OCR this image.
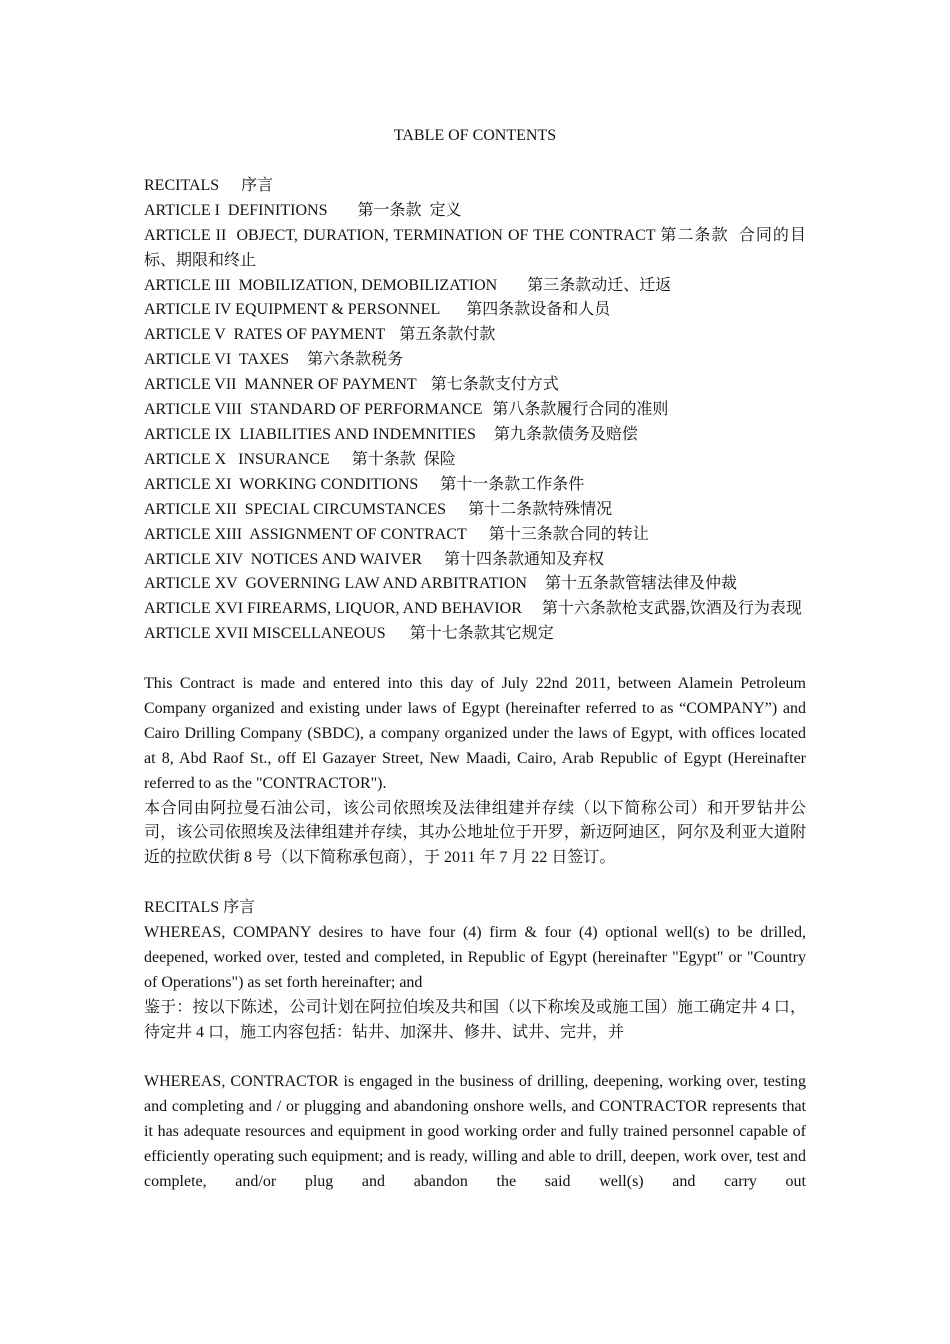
TABLE OF CONTENTS
RECITALS 序言
ARTICLE I  DEFINITIONS 第一条款  定义
ARTICLE II  OBJECT, DURATION, TERMINATION OF THE CONTRACT 第二条款  合同的目标、期限和终止
ARTICLE III  MOBILIZATION, DEMOBILIZATION 第三条款动迁、迁返
ARTICLE IV EQUIPMENT & PERSONNEL 第四条款设备和人员
ARTICLE V  RATES OF PAYMENT 第五条款付款
ARTICLE VI  TAXES 第六条款税务
ARTICLE VII  MANNER OF PAYMENT 第七条款支付方式
ARTICLE VIII  STANDARD OF PERFORMANCE 第八条款履行合同的准则
ARTICLE IX  LIABILITIES AND INDEMNITIES 第九条款债务及赔偿
ARTICLE X   INSURANCE 第十条款  保险
ARTICLE XI  WORKING CONDITIONS 第十一条款工作条件
ARTICLE XII  SPECIAL CIRCUMSTANCES 第十二条款特殊情况
ARTICLE XIII  ASSIGNMENT OF CONTRACT 第十三条款合同的转让
ARTICLE XIV  NOTICES AND WAIVER 第十四条款通知及弃权
ARTICLE XV  GOVERNING LAW AND ARBITRATION 第十五条款管辖法律及仲裁
ARTICLE XVI FIREARMS, LIQUOR, AND BEHAVIOR 第十六条款枪支武器,饮酒及行为表现
ARTICLE XVII MISCELLANEOUS 第十七条款其它规定

This Contract is made and entered into this day of July 22nd 2011, between Alamein Petroleum Company organized and existing under laws of Egypt (hereinafter referred to as “COMPANY”) and Cairo Drilling Company (SBDC), a company organized under the laws of Egypt, with offices located at 8, Abd Raof St., off El Gazayer Street, New Maadi, Cairo, Arab Republic of Egypt (Hereinafter referred to as the "CONTRACTOR").

本合同由阿拉曼石油公司，该公司依照埃及法律组建并存续（以下简称公司）和开罗钻井公司，该公司依照埃及法律组建并存续，其办公地址位于开罗，新迈阿迪区，阿尔及利亚大道附近的拉欧伏街 8 号（以下简称承包商），于 2011 年 7 月 22 日签订。

RECITALS 序言

WHEREAS, COMPANY desires to have four (4) firm & four (4) optional well(s) to be drilled, deepened, worked over, tested and completed, in Republic of Egypt (hereinafter "Egypt" or "Country of Operations") as set forth hereinafter; and

鉴于：按以下陈述，公司计划在阿拉伯埃及共和国（以下称埃及或施工国）施工确定井 4 口，待定井 4 口，施工内容包括：钻井、加深井、修井、试井、完井，并

WHEREAS, CONTRACTOR is engaged in the business of drilling, deepening, working over, testing and completing and / or plugging and abandoning onshore wells, and CONTRACTOR represents that it has adequate resources and equipment in good working order and fully trained personnel capable of efficiently operating such equipment; and is ready, willing and able to drill, deepen, work over, test and complete, and/or plug and abandon the said well(s) and carry out
